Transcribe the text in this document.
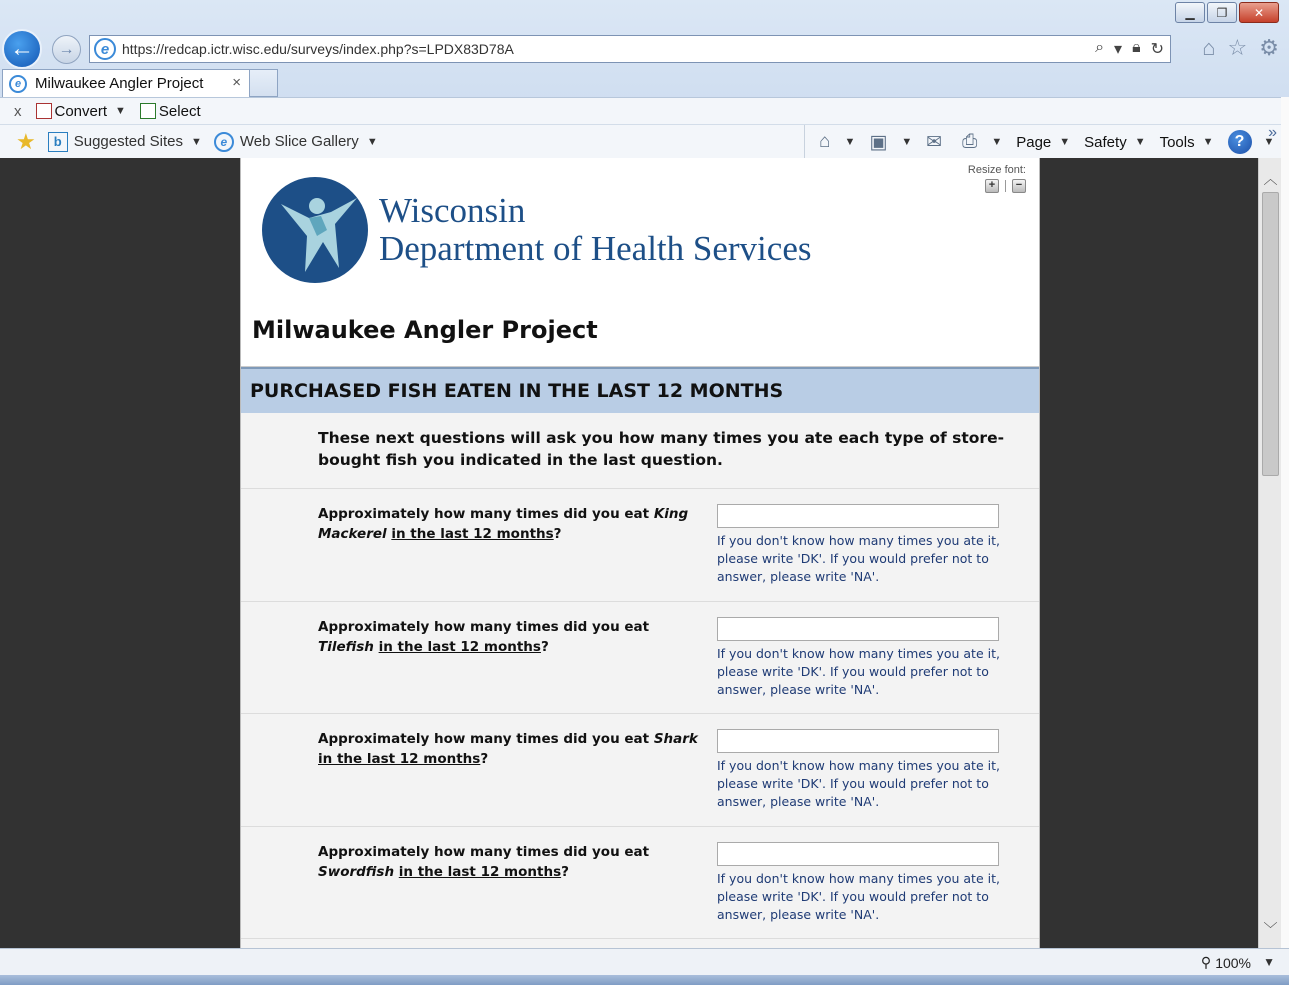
▁	❐	✕
← →	e https://redcap.ictr.wisc.edu/surveys/index.php?s=LPDX83D78A	⌕ ▾ 🔒︎ ↻ ⌂ ☆ ⚙
e Milwaukee Angler Project ×
x Convert ▼ Select
★	b Suggested Sites ▼	e Web Slice Gallery ▼	⌂ ▼ ▣ ▼ ✉ ⎙ ▼ Page ▼ Safety ▼ Tools ▼	?	▼
»
Resize font:
+	−
Wisconsin
Department of Health Services
Milwaukee Angler Project
PURCHASED FISH EATEN IN THE LAST 12 MONTHS
These next questions will ask you how many times you ate each type of store-bought fish you indicated in the last question.
Approximately how many times did you eat King Mackerel in the last 12 months?	If you don't know how many times you ate it, please write 'DK'. If you would prefer not to answer, please write 'NA'.
Approximately how many times did you eat Tilefish in the last 12 months?	If you don't know how many times you ate it, please write 'DK'. If you would prefer not to answer, please write 'NA'.
Approximately how many times did you eat Shark in the last 12 months?	If you don't know how many times you ate it, please write 'DK'. If you would prefer not to answer, please write 'NA'.
Approximately how many times did you eat Swordfish in the last 12 months?	If you don't know how many times you ate it, please write 'DK'. If you would prefer not to answer, please write 'NA'.
︿
﹀
⚲ 100% ▼
